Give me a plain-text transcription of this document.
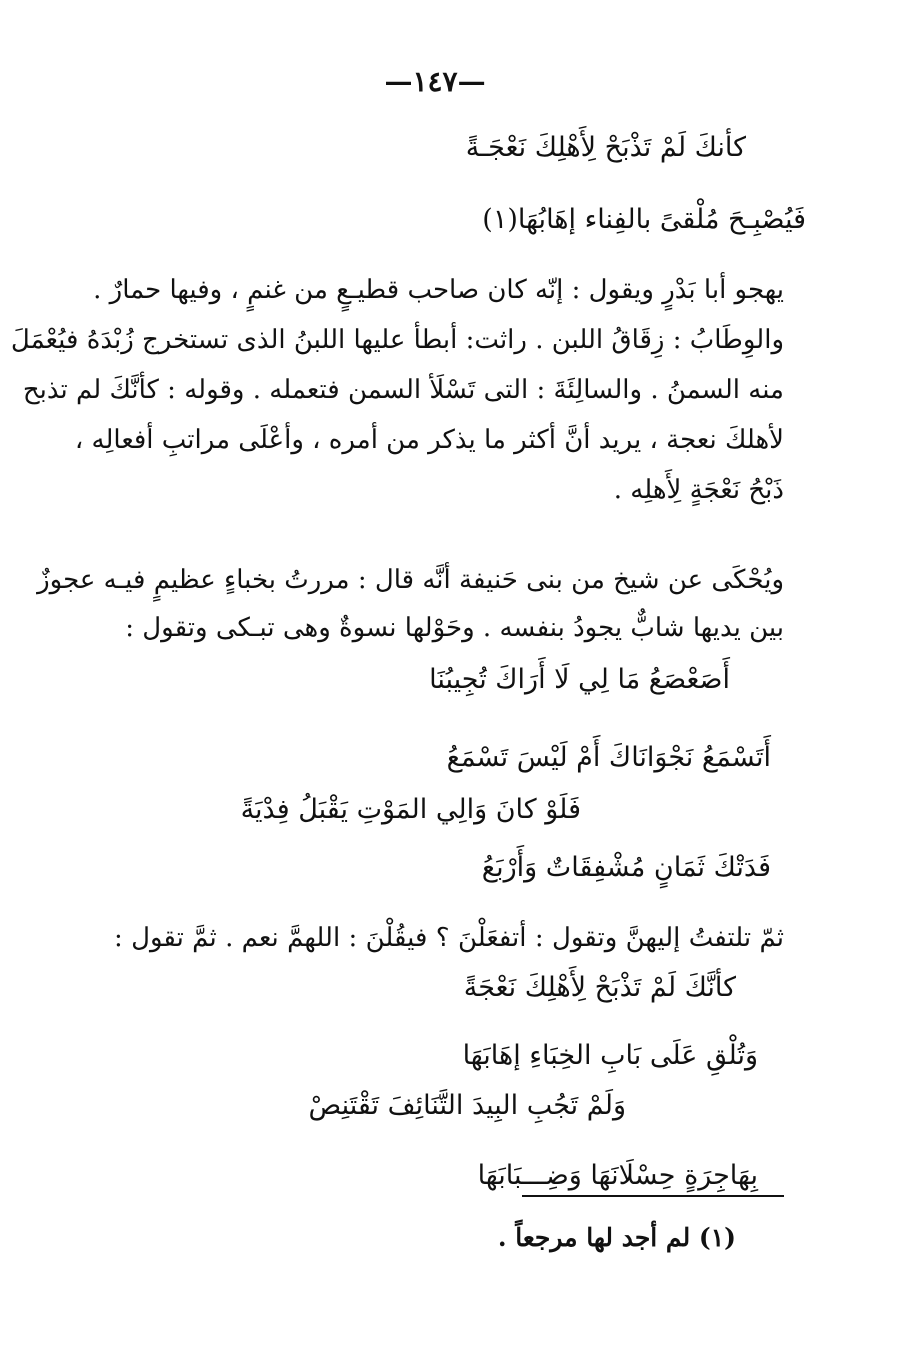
—١٤٧—
كأنكَ لَمْ تَذْبَحْ لِأَهْلِكَ نَعْجَـةً
فَيُصْبِـحَ مُلْقىً بالفِناء إهَابُهَا(١)
يهجو أبا بَدْرٍ ويقول : إنّه كان صاحب قطيـعٍ من غنمٍ ، وفيها حمارٌ .
والوِطَابُ : زِقَاقُ اللبن . راثت: أبطأ عليها اللبنُ الذى تستخرج زُبْدَهُ فيُعْمَلَ
منه السمنُ . والسالِئَةَ : التى تَسْلَأ السمن فتعمله . وقوله : كأنَّكَ لم تذبح
لأهلكَ نعجة ، يريد أنَّ أكثر ما يذكر من أمره ، وأعْلَى مراتبِ أفعالِه ،
ذَبْحُ نَعْجَةٍ لِأَهلِه .
ويُحْكَى عن شيخ من بنى حَنيفة أنَّه قال : مررتُ بخباءٍ عظيمٍ فيـه عجوزٌ
بين يديها شابٌّ يجودُ بنفسه . وحَوْلها نسوةٌ وهى تبـكى وتقول :
أَصَعْصَعُ مَا لِي لَا أَرَاكَ تُجِيبُنَا
أَتَسْمَعُ نَجْوَانَاكَ أَمْ لَيْسَ تَسْمَعُ
فَلَوْ كانَ وَالِي المَوْتِ يَقْبَلُ فِدْيَةً
فَدَتْكَ ثَمَانٍ مُشْفِقَاتٌ وَأَرْبَعُ
ثمّ تلتفتُ إليهنَّ وتقول : أتفعَلْنَ ؟ فيقُلْنَ : اللهمَّ نعم . ثمَّ تقول :
كأنَّكَ لَمْ تَذْبَحْ لِأَهْلِكَ نَعْجَةً
وَتُلْقِ عَلَى بَابِ الخِبَاءِ إهَابَهَا
وَلَمْ تَجُبِ البِيدَ التَّنَائِفَ تَقْتَنِصْ
بِهَاجِرَةٍ حِسْلَانَهَا وَضِـــبَابَهَا
(١) لم أجد لها مرجعاً .
